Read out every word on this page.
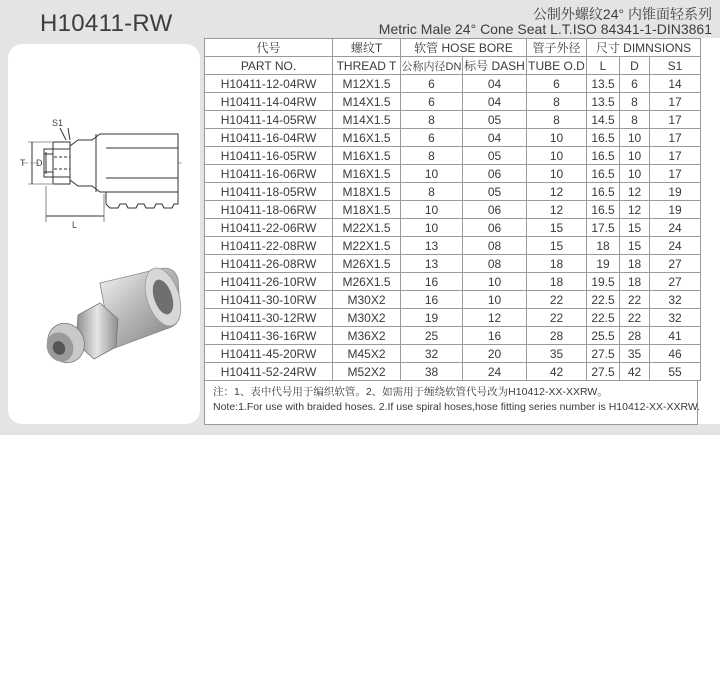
H10411-RW	公制外螺纹24° 内锥面轻系列
Metric Male 24° Cone Seat L.T.ISO 84341-1-DIN3861
S1
T D
L
代号	螺纹T	软管 HOSE BORE		管子外径	尺寸 DIMNSIONS		
PART NO.	THREAD T	公称内径DN	标号 DASH	TUBE O.D	L	D	S1
H10411-12-04RW	M12X1.5	6	04	6	13.5	6	14
H10411-14-04RW	M14X1.5	6	04	8	13.5	8	17
H10411-14-05RW	M14X1.5	8	05	8	14.5	8	17
H10411-16-04RW	M16X1.5	6	04	10	16.5	10	17
H10411-16-05RW	M16X1.5	8	05	10	16.5	10	17
H10411-16-06RW	M16X1.5	10	06	10	16.5	10	17
H10411-18-05RW	M18X1.5	8	05	12	16.5	12	19
H10411-18-06RW	M18X1.5	10	06	12	16.5	12	19
H10411-22-06RW	M22X1.5	10	06	15	17.5	15	24
H10411-22-08RW	M22X1.5	13	08	15	18	15	24
H10411-26-08RW	M26X1.5	13	08	18	19	18	27
H10411-26-10RW	M26X1.5	16	10	18	19.5	18	27
H10411-30-10RW	M30X2	16	10	22	22.5	22	32
H10411-30-12RW	M30X2	19	12	22	22.5	22	32
H10411-36-16RW	M36X2	25	16	28	25.5	28	41
H10411-45-20RW	M45X2	32	20	35	27.5	35	46
H10411-52-24RW	M52X2	38	24	42	27.5	42	55
注：1、表中代号用于编织软管。2、如需用于缠绕软管代号改为H10412-XX-XXRW。
Note:1.For use with braided hoses. 2.If use spiral hoses,hose fitting series number is H10412-XX-XXRW.
